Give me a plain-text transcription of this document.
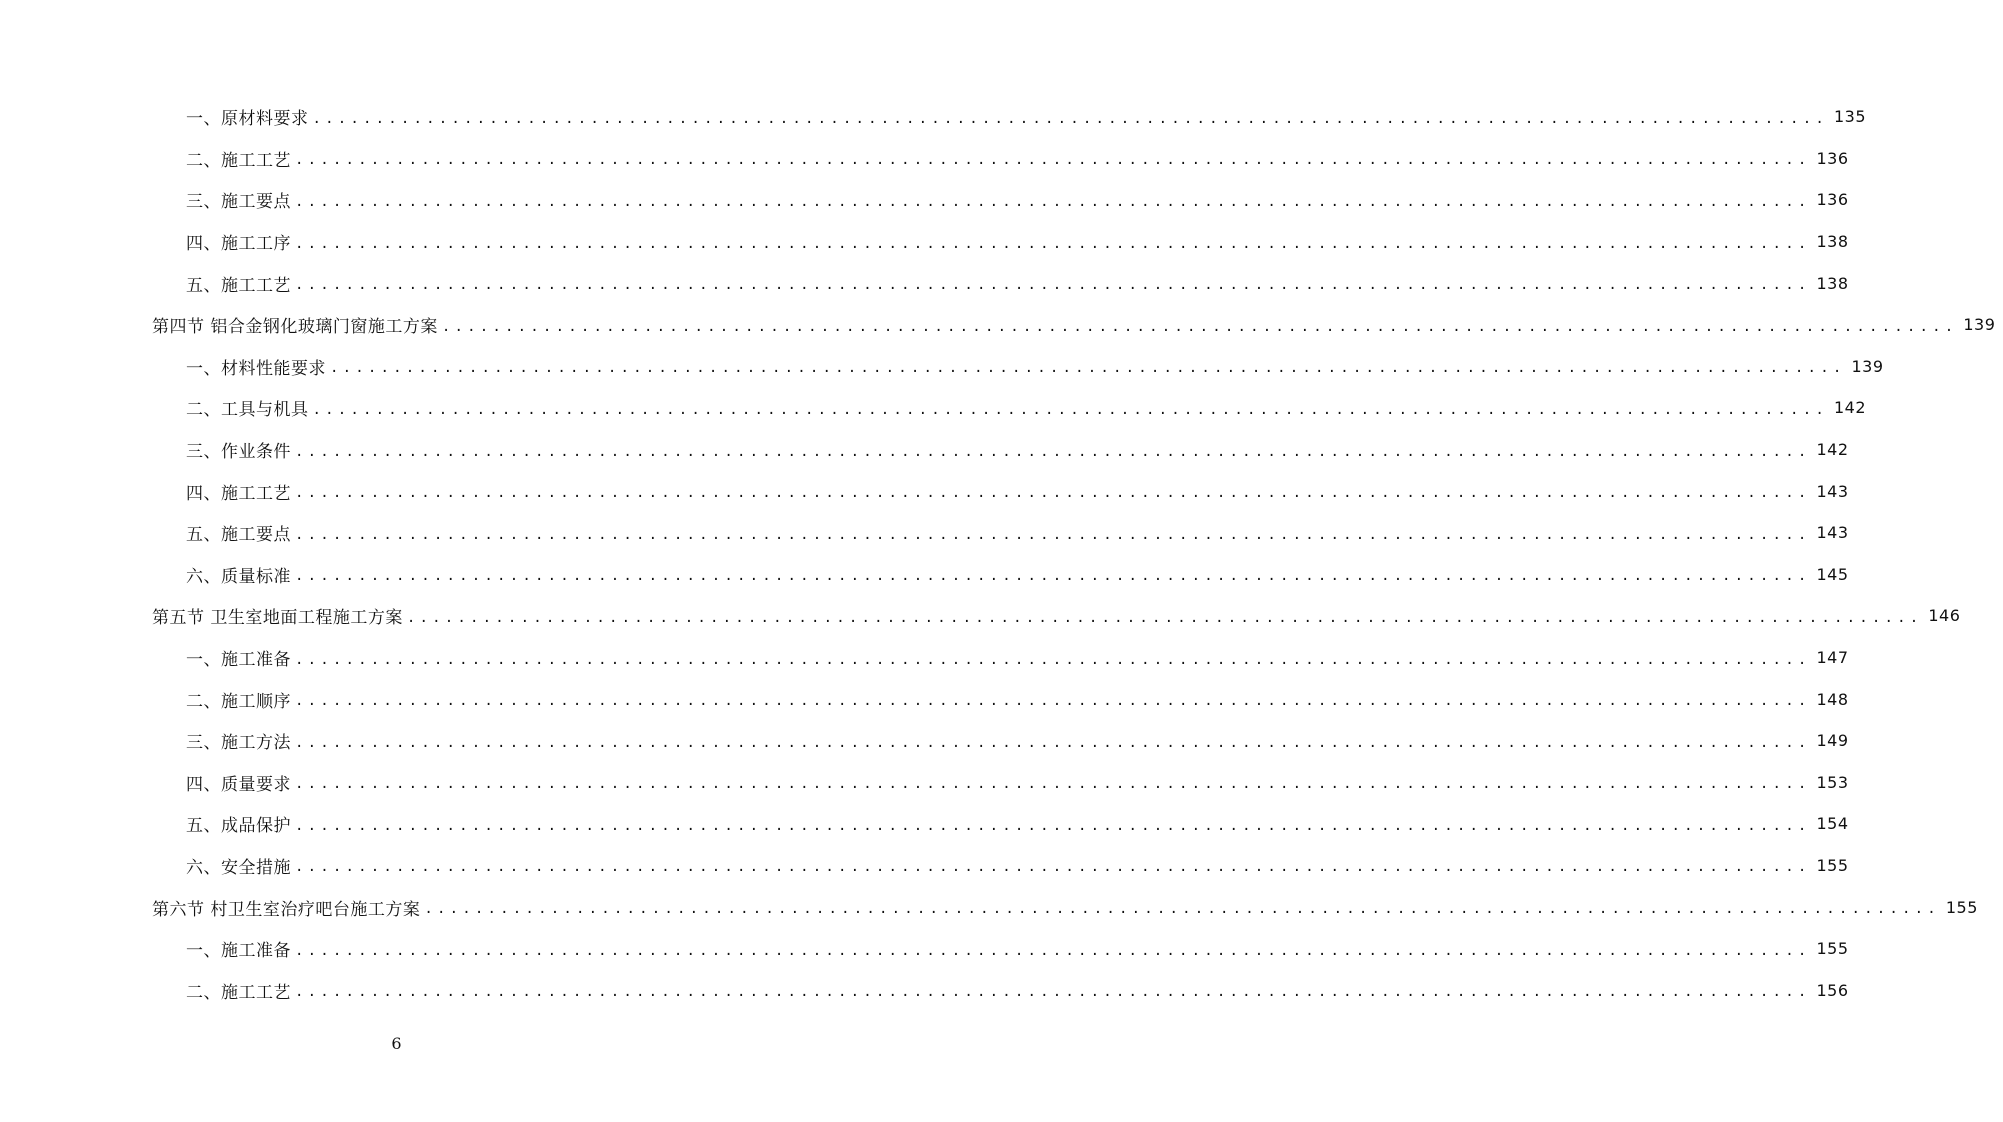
一、原材料要求 ........................................................................................................................ 135
二、施工工艺 ........................................................................................................................ 136
三、施工要点 ........................................................................................................................ 136
四、施工工序 ........................................................................................................................ 138
五、施工工艺 ........................................................................................................................ 138
第四节 铝合金钢化玻璃门窗施工方案 ........................................................................................................................ 139
一、材料性能要求 ........................................................................................................................ 139
二、工具与机具 ........................................................................................................................ 142
三、作业条件 ........................................................................................................................ 142
四、施工工艺 ........................................................................................................................ 143
五、施工要点 ........................................................................................................................ 143
六、质量标准 ........................................................................................................................ 145
第五节 卫生室地面工程施工方案 ........................................................................................................................ 146
一、施工准备 ........................................................................................................................ 147
二、施工顺序 ........................................................................................................................ 148
三、施工方法 ........................................................................................................................ 149
四、质量要求 ........................................................................................................................ 153
五、成品保护 ........................................................................................................................ 154
六、安全措施 ........................................................................................................................ 155
第六节 村卫生室治疗吧台施工方案 ........................................................................................................................ 155
一、施工准备 ........................................................................................................................ 155
二、施工工艺 ........................................................................................................................ 156
6
